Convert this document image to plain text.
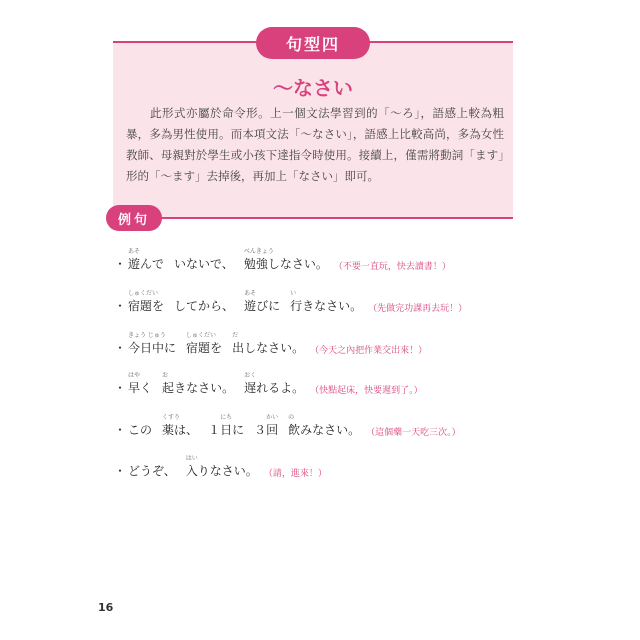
句型四
～なさい
　　此形式亦屬於命令形。上一個文法學習到的「〜ろ」，語感上較為粗暴，多為男性使用。而本項文法「〜なさい」，語感上比較高尚，多為女性教師、母親對於學生或小孩下達指令時使用。接續上，僅需將動詞「ます」形的「〜ます」去掉後，再加上「なさい」即可。
例句
・ 遊
あそ
んで いないで、 勉強
べんきょう
しなさい。 （不要一直玩，快去讀書！）
・ 宿題
しゅくだい
を してから、 遊
あそ
びに 行
い
きなさい。 （先做完功課再去玩！）
・ 今日中
きょう じゅう
に 宿題
しゅくだい
を 出
だ
しなさい。 （今天之內把作業交出來！）
・ 早
はや
く 起
お
きなさい。 遅
おく
れるよ。 （快點起床，快要遲到了。）
・ この 薬
くすり
は、 １ 日
にち
に ３ 回
かい
飲
の
みなさい。 （這個藥一天吃三次。）
・ どうぞ、 入
はい
りなさい。 （請，進來！）
16
